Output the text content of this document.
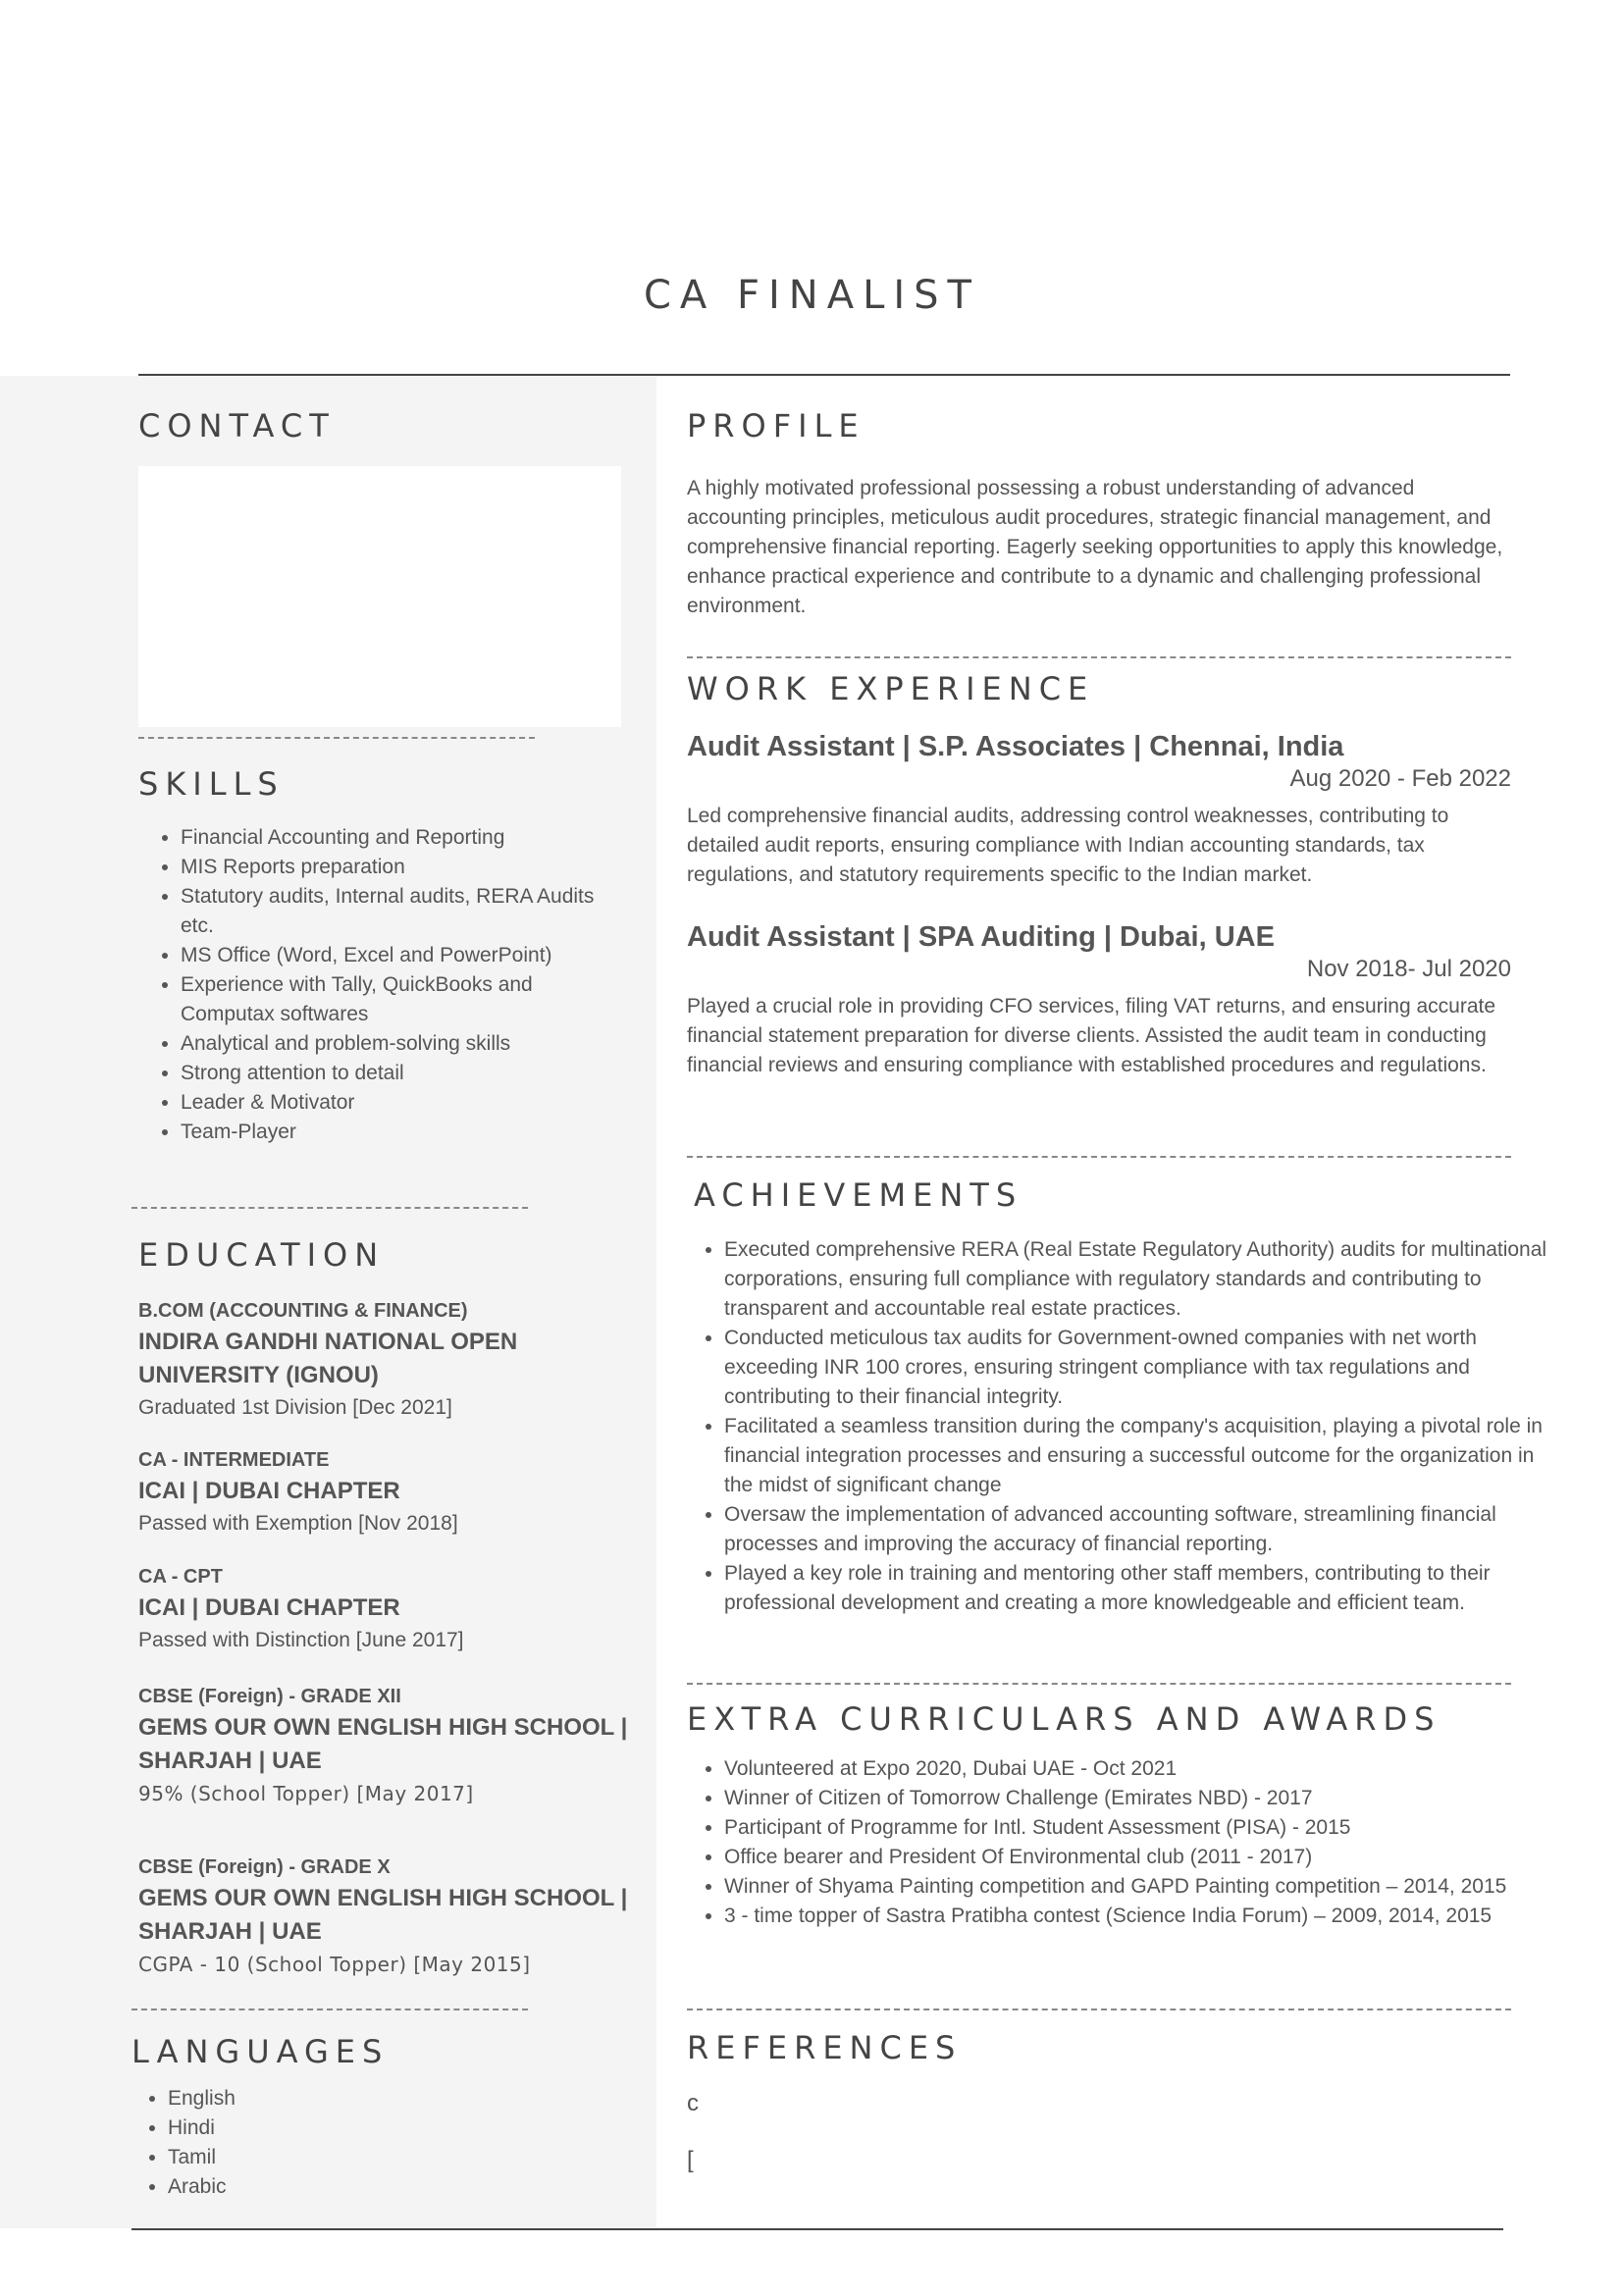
CA FINALIST
CONTACT
SKILLS
• Financial Accounting and Reporting
• MIS Reports preparation
• Statutory audits, Internal audits, RERA Audits etc.
• MS Office (Word, Excel and PowerPoint)
• Experience with Tally, QuickBooks and Computax softwares
• Analytical and problem-solving skills
• Strong attention to detail
• Leader & Motivator
• Team-Player
EDUCATION
B.COM (ACCOUNTING & FINANCE)
INDIRA GANDHI NATIONAL OPEN UNIVERSITY (IGNOU)
Graduated 1st Division [Dec 2021]
CA - INTERMEDIATE
ICAI | DUBAI CHAPTER
Passed with Exemption [Nov 2018]
CA - CPT
ICAI | DUBAI CHAPTER
Passed with Distinction [June 2017]
CBSE (Foreign) - GRADE XII
GEMS OUR OWN ENGLISH HIGH SCHOOL | SHARJAH | UAE
95% (School Topper) [May 2017]
CBSE (Foreign) - GRADE X
GEMS OUR OWN ENGLISH HIGH SCHOOL | SHARJAH | UAE
CGPA - 10 (School Topper) [May 2015]
LANGUAGES
• English
• Hindi
• Tamil
• Arabic
PROFILE

A highly motivated professional possessing a robust understanding of advanced accounting principles, meticulous audit procedures, strategic financial management, and comprehensive financial reporting. Eagerly seeking opportunities to apply this knowledge, enhance practical experience and contribute to a dynamic and challenging professional environment.

WORK EXPERIENCE
Audit Assistant | S.P. Associates | Chennai, India
Aug 2020 - Feb 2022

Led comprehensive financial audits, addressing control weaknesses, contributing to detailed audit reports, ensuring compliance with Indian accounting standards, tax regulations, and statutory requirements specific to the Indian market.

Audit Assistant | SPA Auditing | Dubai, UAE
Nov 2018- Jul 2020

Played a crucial role in providing CFO services, filing VAT returns, and ensuring accurate financial statement preparation for diverse clients. Assisted the audit team in conducting financial reviews and ensuring compliance with established procedures and regulations.

ACHIEVEMENTS
• Executed comprehensive RERA (Real Estate Regulatory Authority) audits for multinational corporations, ensuring full compliance with regulatory standards and contributing to transparent and accountable real estate practices.
• Conducted meticulous tax audits for Government-owned companies with net worth exceeding INR 100 crores, ensuring stringent compliance with tax regulations and contributing to their financial integrity.
• Facilitated a seamless transition during the company's acquisition, playing a pivotal role in financial integration processes and ensuring a successful outcome for the organization in the midst of significant change
• Oversaw the implementation of advanced accounting software, streamlining financial processes and improving the accuracy of financial reporting.
• Played a key role in training and mentoring other staff members, contributing to their professional development and creating a more knowledgeable and efficient team.
EXTRA CURRICULARS AND AWARDS
• Volunteered at Expo 2020, Dubai UAE - Oct 2021
• Winner of Citizen of Tomorrow Challenge (Emirates NBD) - 2017
• Participant of Programme for Intl. Student Assessment (PISA) - 2015
• Office bearer and President Of Environmental club (2011 - 2017)
• Winner of Shyama Painting competition and GAPD Painting competition – 2014, 2015
• 3 - time topper of Sastra Pratibha contest (Science India Forum) – 2009, 2014, 2015
REFERENCES
c
[
